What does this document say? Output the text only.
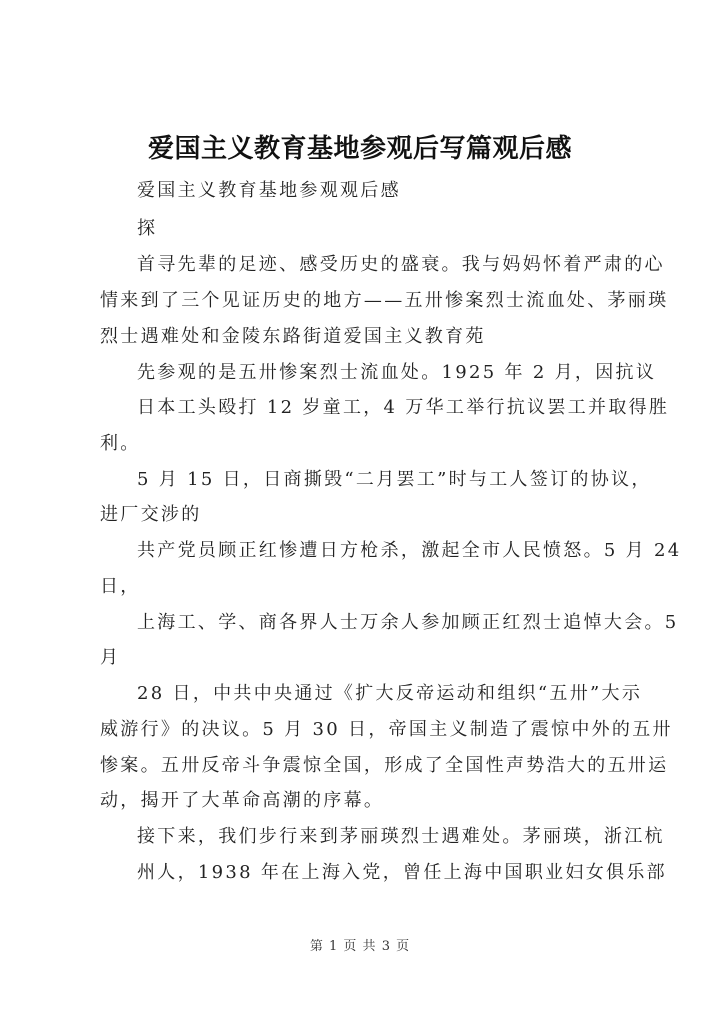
爱国主义教育基地参观后写篇观后感
爱国主义教育基地参观观后感
探
首寻先辈的足迹、感受历史的盛衰。我与妈妈怀着严肃的心
情来到了三个见证历史的地方——五卅惨案烈士流血处、茅丽瑛
烈士遇难处和金陵东路街道爱国主义教育苑
先参观的是五卅惨案烈士流血处。1925 年 2 月，因抗议
日本工头殴打 12 岁童工，4 万华工举行抗议罢工并取得胜
利。
5 月 15 日，日商撕毁“二月罢工”时与工人签订的协议，
进厂交涉的
共产党员顾正红惨遭日方枪杀，激起全市人民愤怒。5 月 24
日，
上海工、学、商各界人士万余人参加顾正红烈士追悼大会。5
月
28 日，中共中央通过《扩大反帝运动和组织“五卅”大示
威游行》的决议。5 月 30 日，帝国主义制造了震惊中外的五卅
惨案。五卅反帝斗争震惊全国，形成了全国性声势浩大的五卅运
动，揭开了大革命高潮的序幕。
接下来，我们步行来到茅丽瑛烈士遇难处。茅丽瑛，浙江杭
州人，1938 年在上海入党，曾任上海中国职业妇女俱乐部
第 1 页 共 3 页
